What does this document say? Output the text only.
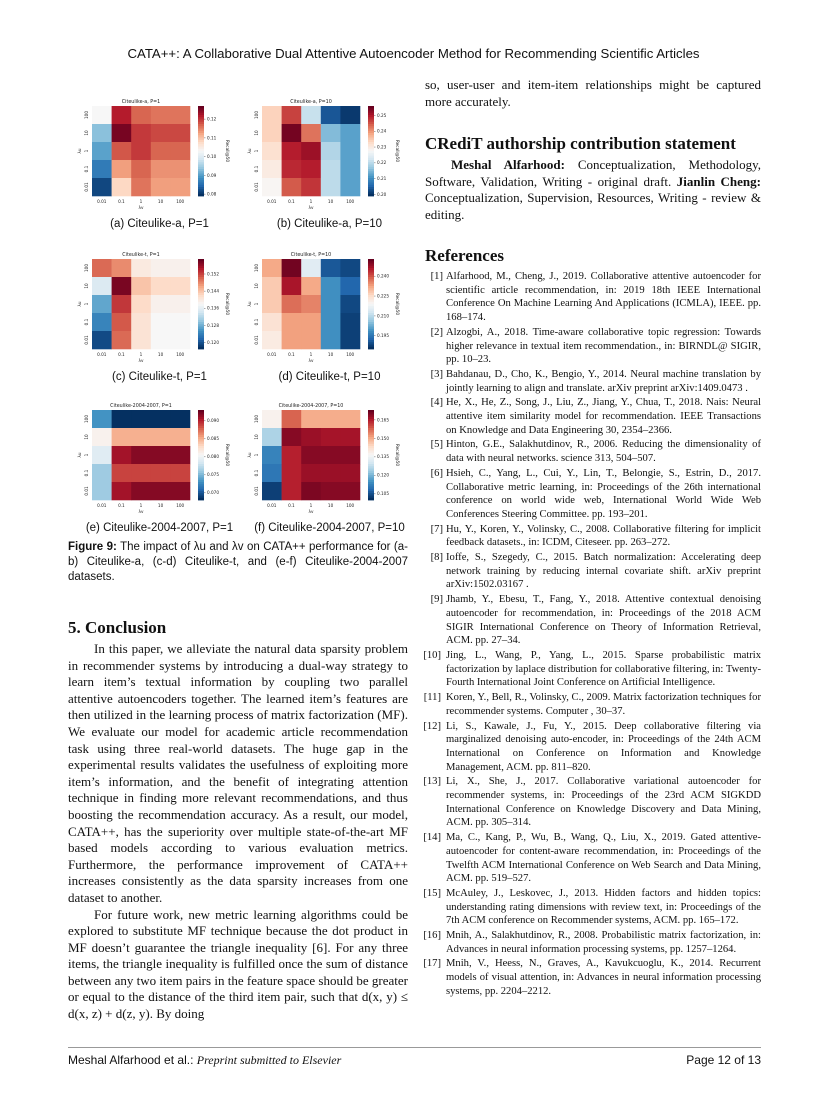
CATA++: A Collaborative Dual Attentive Autoencoder Method for Recommending Scientific Articles
Citeulike-a, P=1
0.01	0.1	1	10	100
100
10
1
0.1
0.01
λv
λu
0.12
0.11
0.10
0.09
0.08
Recall@50
(a) Citeulike-a, P=1
Citeulike-a, P=10
0.01	0.1	1	10	100
100
10
1
0.1
0.01
λv
λu
0.25
0.24
0.23
0.22
0.21
0.20
Recall@50
(b) Citeulike-a, P=10
Citeulike-t, P=1
0.01	0.1	1	10	100
100
10
1
0.1
0.01
λv
λu
0.152
0.144
0.136
0.128
0.120
Recall@50
(c) Citeulike-t, P=1
Citeulike-t, P=10
0.01	0.1	1	10	100
100
10
1
0.1
0.01
λv
λu
0.240
0.225
0.210
0.195
Recall@50
(d) Citeulike-t, P=10
Citeulike-2004-2007, P=1
0.01	0.1	1	10	100
100
10
1
0.1
0.01
λv
λu
0.090
0.085
0.080
0.075
0.070
Recall@50
(e) Citeulike-2004-2007, P=1
Citeulike-2004-2007, P=10
0.01	0.1	1	10	100
100
10
1
0.1
0.01
λv
λu
0.165
0.150
0.135
0.120
0.105
Recall@50
(f) Citeulike-2004-2007, P=10
Figure 9: The impact of λu and λv on CATA++ performance for (a-b) Citeulike-a, (c-d) Citeulike-t, and (e-f) Citeulike-2004-2007 datasets.
5. Conclusion
In this paper, we alleviate the natural data sparsity problem in recommender systems by introducing a dual-way strategy to learn item’s textual information by coupling two parallel attentive autoencoders together. The learned item’s features are then utilized in the learning process of matrix factorization (MF). We evaluate our model for academic article recommendation task using three real-world datasets. The huge gap in the experimental results validates the usefulness of exploiting more item’s information, and the benefit of integrating attention technique in finding more relevant recommendations, and thus boosting the recommendation accuracy. As a result, our model, CATA++, has the superiority over multiple state-of-the-art MF based models according to various evaluation metrics. Furthermore, the performance improvement of CATA++ increases consistently as the data sparsity increases from one dataset to another.
For future work, new metric learning algorithms could be explored to substitute MF technique because the dot product in MF doesn’t guarantee the triangle inequality [6]. For any three items, the triangle inequality is fulfilled once the sum of distance between any two item pairs in the feature space should be greater or equal to the distance of the third item pair, such that d(x, y) ≤ d(x, z) + d(z, y). By doing
so, user-user and item-item relationships might be captured more accurately.
CRediT authorship contribution statement
Meshal Alfarhood: Conceptualization, Methodology, Software, Validation, Writing - original draft. Jianlin Cheng: Conceptualization, Supervision, Resources, Writing - review & editing.
References
[1] Alfarhood, M., Cheng, J., 2019. Collaborative attentive autoencoder for scientific article recommendation, in: 2019 18th IEEE International Conference On Machine Learning And Applications (ICMLA), IEEE. pp. 168–174.
[2] Alzogbi, A., 2018. Time-aware collaborative topic regression: Towards higher relevance in textual item recommendation., in: BIRNDL@ SIGIR, pp. 10–23.
[3] Bahdanau, D., Cho, K., Bengio, Y., 2014. Neural machine translation by jointly learning to align and translate. arXiv preprint arXiv:1409.0473 .
[4] He, X., He, Z., Song, J., Liu, Z., Jiang, Y., Chua, T., 2018. Nais: Neural attentive item similarity model for recommendation. IEEE Transactions on Knowledge and Data Engineering 30, 2354–2366.
[5] Hinton, G.E., Salakhutdinov, R., 2006. Reducing the dimensionality of data with neural networks. science 313, 504–507.
[6] Hsieh, C., Yang, L., Cui, Y., Lin, T., Belongie, S., Estrin, D., 2017. Collaborative metric learning, in: Proceedings of the 26th international conference on world wide web, International World Wide Web Conferences Steering Committee. pp. 193–201.
[7] Hu, Y., Koren, Y., Volinsky, C., 2008. Collaborative filtering for implicit feedback datasets., in: ICDM, Citeseer. pp. 263–272.
[8] Ioffe, S., Szegedy, C., 2015. Batch normalization: Accelerating deep network training by reducing internal covariate shift. arXiv preprint arXiv:1502.03167 .
[9] Jhamb, Y., Ebesu, T., Fang, Y., 2018. Attentive contextual denoising autoencoder for recommendation, in: Proceedings of the 2018 ACM SIGIR International Conference on Theory of Information Retrieval, ACM. pp. 27–34.
[10] Jing, L., Wang, P., Yang, L., 2015. Sparse probabilistic matrix factorization by laplace distribution for collaborative filtering, in: Twenty-Fourth International Joint Conference on Artificial Intelligence.
[11] Koren, Y., Bell, R., Volinsky, C., 2009. Matrix factorization techniques for recommender systems. Computer , 30–37.
[12] Li, S., Kawale, J., Fu, Y., 2015. Deep collaborative filtering via marginalized denoising auto-encoder, in: Proceedings of the 24th ACM International on Conference on Information and Knowledge Management, ACM. pp. 811–820.
[13] Li, X., She, J., 2017. Collaborative variational autoencoder for recommender systems, in: Proceedings of the 23rd ACM SIGKDD International Conference on Knowledge Discovery and Data Mining, ACM. pp. 305–314.
[14] Ma, C., Kang, P., Wu, B., Wang, Q., Liu, X., 2019. Gated attentive-autoencoder for content-aware recommendation, in: Proceedings of the Twelfth ACM International Conference on Web Search and Data Mining, ACM. pp. 519–527.
[15] McAuley, J., Leskovec, J., 2013. Hidden factors and hidden topics: understanding rating dimensions with review text, in: Proceedings of the 7th ACM conference on Recommender systems, ACM. pp. 165–172.
[16] Mnih, A., Salakhutdinov, R., 2008. Probabilistic matrix factorization, in: Advances in neural information processing systems, pp. 1257–1264.
[17] Mnih, V., Heess, N., Graves, A., Kavukcuoglu, K., 2014. Recurrent models of visual attention, in: Advances in neural information processing systems, pp. 2204–2212.
Meshal Alfarhood et al.: Preprint submitted to Elsevier	Page 12 of 13
